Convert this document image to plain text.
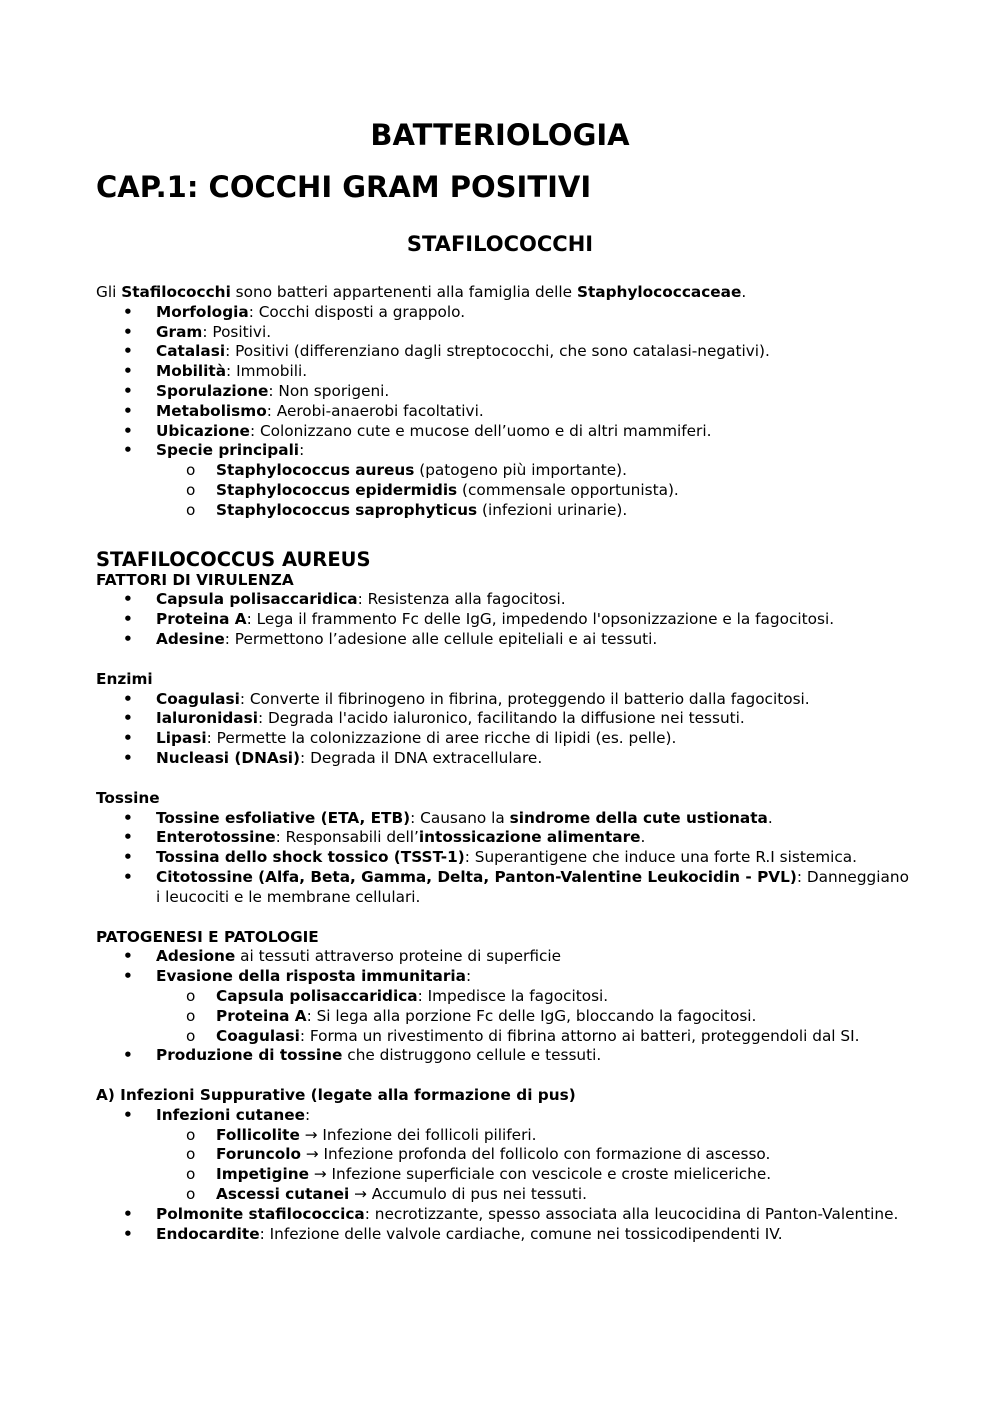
BATTERIOLOGIA
CAP.1: COCCHI GRAM POSITIVI
STAFILOCOCCHI

Gli Stafilococchi sono batteri appartenenti alla famiglia delle Staphylococcaceae.

• Morfologia: Cocchi disposti a grappolo.
• Gram: Positivi.
• Catalasi: Positivi (differenziano dagli streptococchi, che sono catalasi-negativi).
• Mobilità: Immobili.
• Sporulazione: Non sporigeni.
• Metabolismo: Aerobi-anaerobi facoltativi.
• Ubicazione: Colonizzano cute e mucose dell’uomo e di altri mammiferi.
• Specie principali:
o Staphylococcus aureus (patogeno più importante).
o Staphylococcus epidermidis (commensale opportunista).
o Staphylococcus saprophyticus (infezioni urinarie).

STAFILOCOCCUS AUREUS

FATTORI DI VIRULENZA

• Capsula polisaccaridica: Resistenza alla fagocitosi.
• Proteina A: Lega il frammento Fc delle IgG, impedendo l'opsonizzazione e la fagocitosi.
• Adesine: Permettono l’adesione alle cellule epiteliali e ai tessuti.

Enzimi

• Coagulasi: Converte il fibrinogeno in fibrina, proteggendo il batterio dalla fagocitosi.
• Ialuronidasi: Degrada l'acido ialuronico, facilitando la diffusione nei tessuti.
• Lipasi: Permette la colonizzazione di aree ricche di lipidi (es. pelle).
• Nucleasi (DNAsi): Degrada il DNA extracellulare.

Tossine

• Tossine esfoliative (ETA, ETB): Causano la sindrome della cute ustionata.
• Enterotossine: Responsabili dell’intossicazione alimentare.
• Tossina dello shock tossico (TSST-1): Superantigene che induce una forte R.I sistemica.
• Citotossine (Alfa, Beta, Gamma, Delta, Panton-Valentine Leukocidin - PVL): Danneggiano i leucociti e le membrane cellulari.

PATOGENESI E PATOLOGIE

• Adesione ai tessuti attraverso proteine di superficie
• Evasione della risposta immunitaria:
o Capsula polisaccaridica: Impedisce la fagocitosi.
o Proteina A: Si lega alla porzione Fc delle IgG, bloccando la fagocitosi.
o Coagulasi: Forma un rivestimento di fibrina attorno ai batteri, proteggendoli dal SI.
• Produzione di tossine che distruggono cellule e tessuti.

A) Infezioni Suppurative (legate alla formazione di pus)

• Infezioni cutanee:
o Follicolite → Infezione dei follicoli piliferi.
o Foruncolo → Infezione profonda del follicolo con formazione di ascesso.
o Impetigine → Infezione superficiale con vescicole e croste mieliceriche.
o Ascessi cutanei → Accumulo di pus nei tessuti.
• Polmonite stafilococcica: necrotizzante, spesso associata alla leucocidina di Panton-Valentine.
• Endocardite: Infezione delle valvole cardiache, comune nei tossicodipendenti IV.
